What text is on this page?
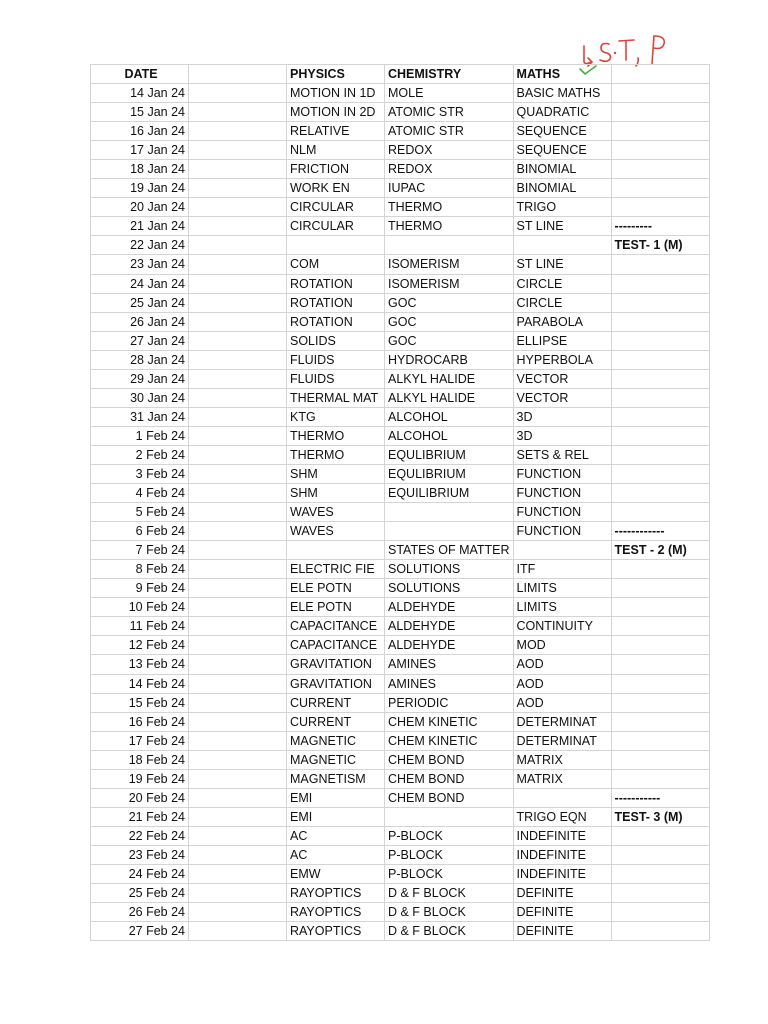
DATE		PHYSICS	CHEMISTRY	MATHS	
14 Jan 24		MOTION IN 1D	MOLE	BASIC MATHS	
15 Jan 24		MOTION IN 2D	ATOMIC STR	QUADRATIC	
16 Jan 24		RELATIVE	ATOMIC STR	SEQUENCE	
17 Jan 24		NLM	REDOX	SEQUENCE	
18 Jan 24		FRICTION	REDOX	BINOMIAL	
19 Jan 24		WORK EN	IUPAC	BINOMIAL	
20 Jan 24		CIRCULAR	THERMO	TRIGO	
21 Jan 24		CIRCULAR	THERMO	ST LINE	---------
22 Jan 24					TEST- 1 (M)
23 Jan 24		COM	ISOMERISM	ST LINE	
24 Jan 24		ROTATION	ISOMERISM	CIRCLE	
25 Jan 24		ROTATION	GOC	CIRCLE	
26 Jan 24		ROTATION	GOC	PARABOLA	
27 Jan 24		SOLIDS	GOC	ELLIPSE	
28 Jan 24		FLUIDS	HYDROCARB	HYPERBOLA	
29 Jan 24		FLUIDS	ALKYL HALIDE	VECTOR	
30 Jan 24		THERMAL MAT	ALKYL HALIDE	VECTOR	
31 Jan 24		KTG	ALCOHOL	3D	
1 Feb 24		THERMO	ALCOHOL	3D	
2 Feb 24		THERMO	EQULIBRIUM	SETS & REL	
3 Feb 24		SHM	EQULIBRIUM	FUNCTION	
4 Feb 24		SHM	EQUILIBRIUM	FUNCTION	
5 Feb 24		WAVES		FUNCTION	
6 Feb 24		WAVES		FUNCTION	------------
7 Feb 24			STATES OF MATTER		TEST - 2 (M)
8 Feb 24		ELECTRIC FIE	SOLUTIONS	ITF	
9 Feb 24		ELE POTN	SOLUTIONS	LIMITS	
10 Feb 24		ELE POTN	ALDEHYDE	LIMITS	
11 Feb 24		CAPACITANCE	ALDEHYDE	CONTINUITY	
12 Feb 24		CAPACITANCE	ALDEHYDE	MOD	
13 Feb 24		GRAVITATION	AMINES	AOD	
14 Feb 24		GRAVITATION	AMINES	AOD	
15 Feb 24		CURRENT	PERIODIC	AOD	
16 Feb 24		CURRENT	CHEM KINETIC	DETERMINAT	
17 Feb 24		MAGNETIC	CHEM KINETIC	DETERMINAT	
18 Feb 24		MAGNETIC	CHEM BOND	MATRIX	
19 Feb 24		MAGNETISM	CHEM BOND	MATRIX	
20 Feb 24		EMI	CHEM BOND		-----------
21 Feb 24		EMI		TRIGO EQN	TEST- 3 (M)
22 Feb 24		AC	P-BLOCK	INDEFINITE	
23 Feb 24		AC	P-BLOCK	INDEFINITE	
24 Feb 24		EMW	P-BLOCK	INDEFINITE	
25 Feb 24		RAYOPTICS	D & F BLOCK	DEFINITE	
26 Feb 24		RAYOPTICS	D & F BLOCK	DEFINITE	
27 Feb 24		RAYOPTICS	D & F BLOCK	DEFINITE	
